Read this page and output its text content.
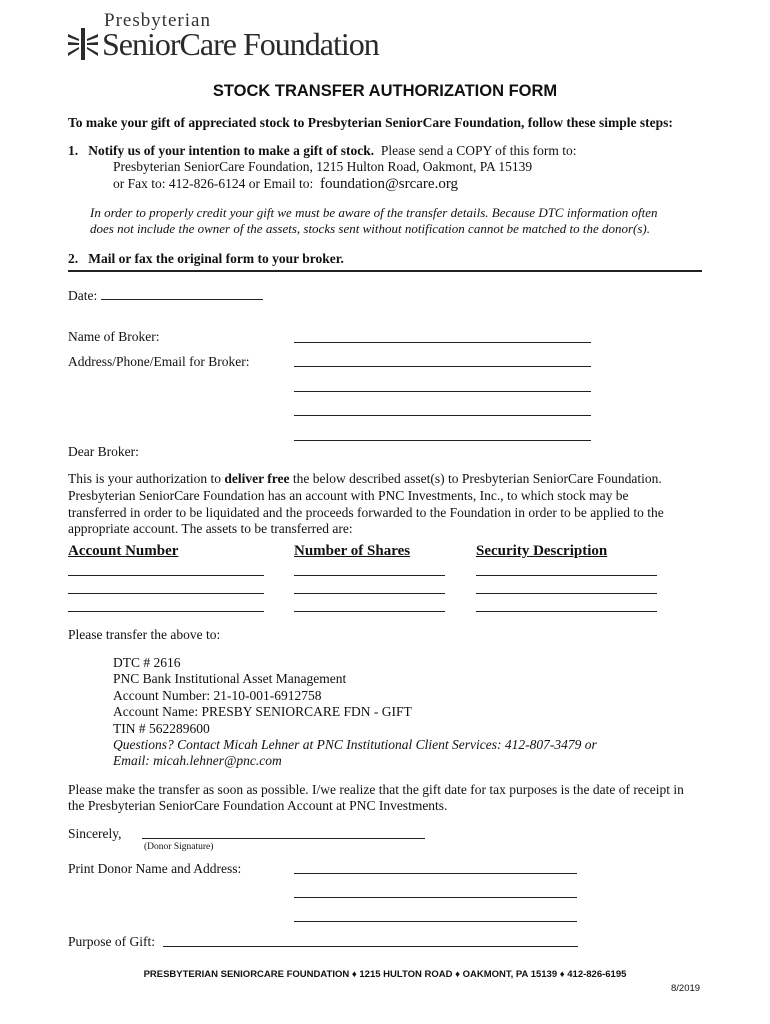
Presbyterian
SeniorCare Foundation
STOCK TRANSFER AUTHORIZATION FORM
To make your gift of appreciated stock to Presbyterian SeniorCare Foundation, follow these simple steps:
1. Notify us of your intention to make a gift of stock. Please send a COPY of this form to:
Presbyterian SeniorCare Foundation, 1215 Hulton Road, Oakmont, PA 15139
or Fax to: 412-826-6124 or Email to: foundation@srcare.org
In order to properly credit your gift we must be aware of the transfer details. Because DTC information often
does not include the owner of the assets, stocks sent without notification cannot be matched to the donor(s).
2. Mail or fax the original form to your broker.
Date:
Name of Broker:
Address/Phone/Email for Broker:
Dear Broker:
This is your authorization to deliver free the below described asset(s) to Presbyterian SeniorCare Foundation.
Presbyterian SeniorCare Foundation has an account with PNC Investments, Inc., to which stock may be
transferred in order to be liquidated and the proceeds forwarded to the Foundation in order to be applied to the
appropriate account. The assets to be transferred are:
Account Number	Number of Shares	Security Description
Please transfer the above to:
DTC # 2616
PNC Bank Institutional Asset Management
Account Number: 21-10-001-6912758
Account Name: PRESBY SENIORCARE FDN - GIFT
TIN # 562289600
Questions? Contact Micah Lehner at PNC Institutional Client Services: 412-807-3479 or
Email: micah.lehner@pnc.com
Please make the transfer as soon as possible. I/we realize that the gift date for tax purposes is the date of receipt in
the Presbyterian SeniorCare Foundation Account at PNC Investments.
Sincerely,
(Donor Signature)
Print Donor Name and Address:
Purpose of Gift:
PRESBYTERIAN SENIORCARE FOUNDATION ♦ 1215 HULTON ROAD ♦ OAKMONT, PA 15139 ♦ 412-826-6195
8/2019
